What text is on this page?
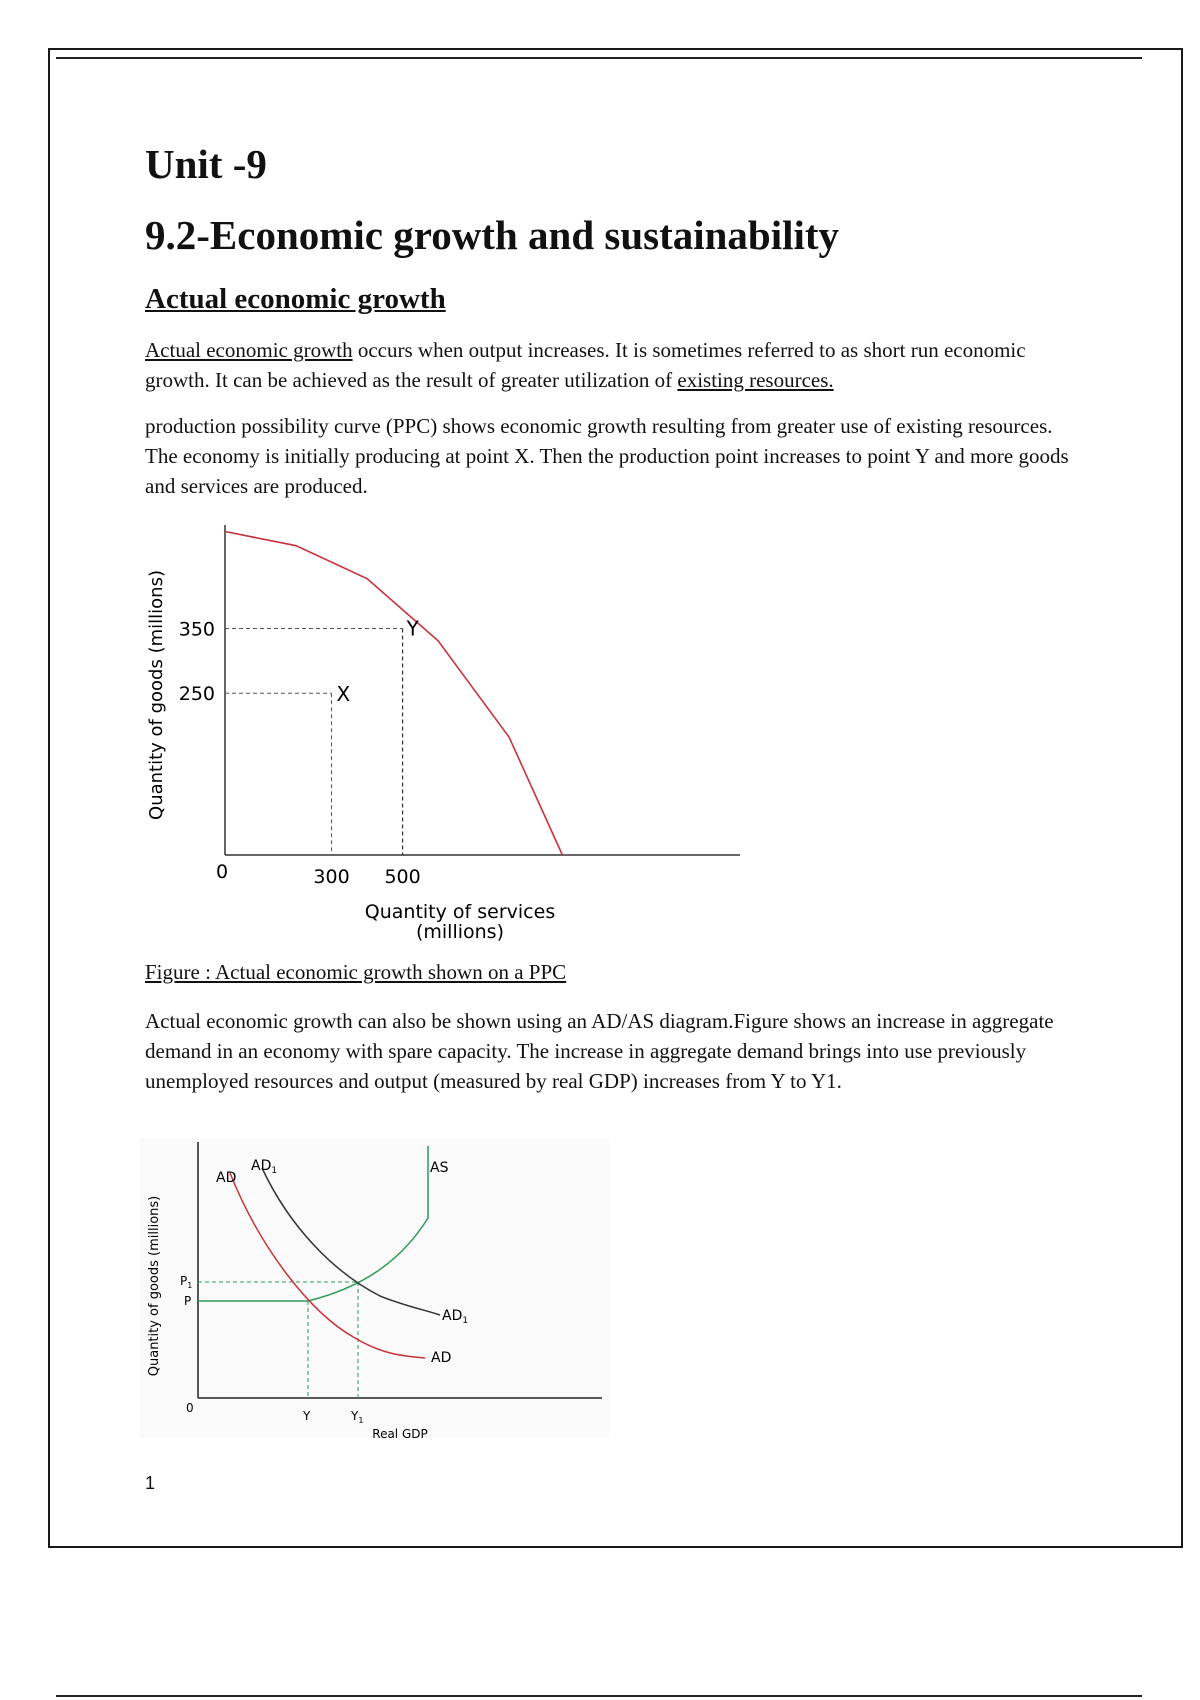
Unit -9
9.2-Economic growth and sustainability
Actual economic growth

Actual economic growth occurs when output increases. It is sometimes referred to as short run economic growth. It can be achieved as the result of greater utilization of existing resources.

production possibility curve (PPC) shows economic growth resulting from greater use of existing resources. The economy is initially producing at point X. Then the production point increases to point Y and more goods and services are produced.

Y
X
350
250
0	300 500
Quantity of services
(millions)
Quantity of goods (millions)
Figure : Actual economic growth shown on a PPC

Actual economic growth can also be shown using an AD/AS diagram.Figure shows an increase in aggregate demand in an economy with spare capacity. The increase in aggregate demand brings into use previously unemployed resources and output (measured by real GDP) increases from Y to Y1.

AD
$AD_1$	AS
$AD_1$
AD
$P_1$
P
0
Y	$Y_1$
Real GDP
Quantity of goods (millions)
1
